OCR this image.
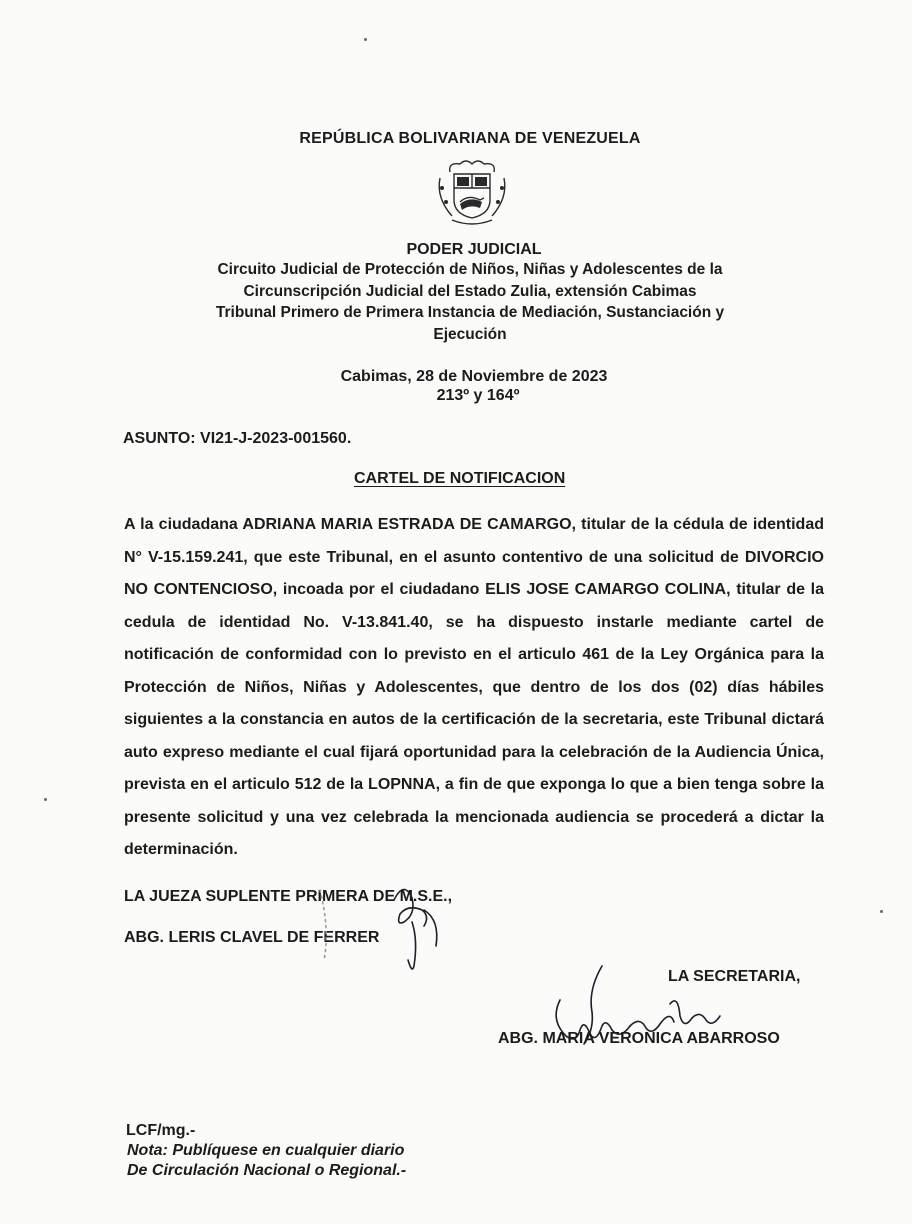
REPÚBLICA BOLIVARIANA DE VENEZUELA
PODER JUDICIAL
Circuito Judicial de Protección de Niños, Niñas y Adolescentes de la
Circunscripción Judicial del Estado Zulia, extensión Cabimas
Tribunal Primero de Primera Instancia de Mediación, Sustanciación y
Ejecución
Cabimas, 28 de Noviembre de 2023
213º y 164º
ASUNTO: VI21-J-2023-001560.
CARTEL DE NOTIFICACION

A la ciudadana ADRIANA MARIA ESTRADA DE CAMARGO, titular de la cédula de identidad N° V-15.159.241, que este Tribunal, en el asunto contentivo de una solicitud de DIVORCIO NO CONTENCIOSO, incoada por el ciudadano ELIS JOSE CAMARGO COLINA, titular de la cedula de identidad No. V-13.841.40, se ha dispuesto instarle mediante cartel de notificación de conformidad con lo previsto en el articulo 461 de la Ley Orgánica para la Protección de Niños, Niñas y Adolescentes, que dentro de los dos (02) días hábiles siguientes a la constancia en autos de la certificación de la secretaria, este Tribunal dictará auto expreso mediante el cual fijará oportunidad para la celebración de la Audiencia Única, prevista en el articulo 512 de la LOPNNA, a fin de que exponga lo que a bien tenga sobre la presente solicitud y una vez celebrada la mencionada audiencia se procederá a dictar la determinación.

LA JUEZA SUPLENTE PRIMERA DE M.S.E.,
ABG. LERIS CLAVEL DE FERRER
LA SECRETARIA,
ABG. MARIA VERONICA ABARROSO
LCF/mg.-
Nota: Publíquese en cualquier diario
De Circulación Nacional o Regional.-
